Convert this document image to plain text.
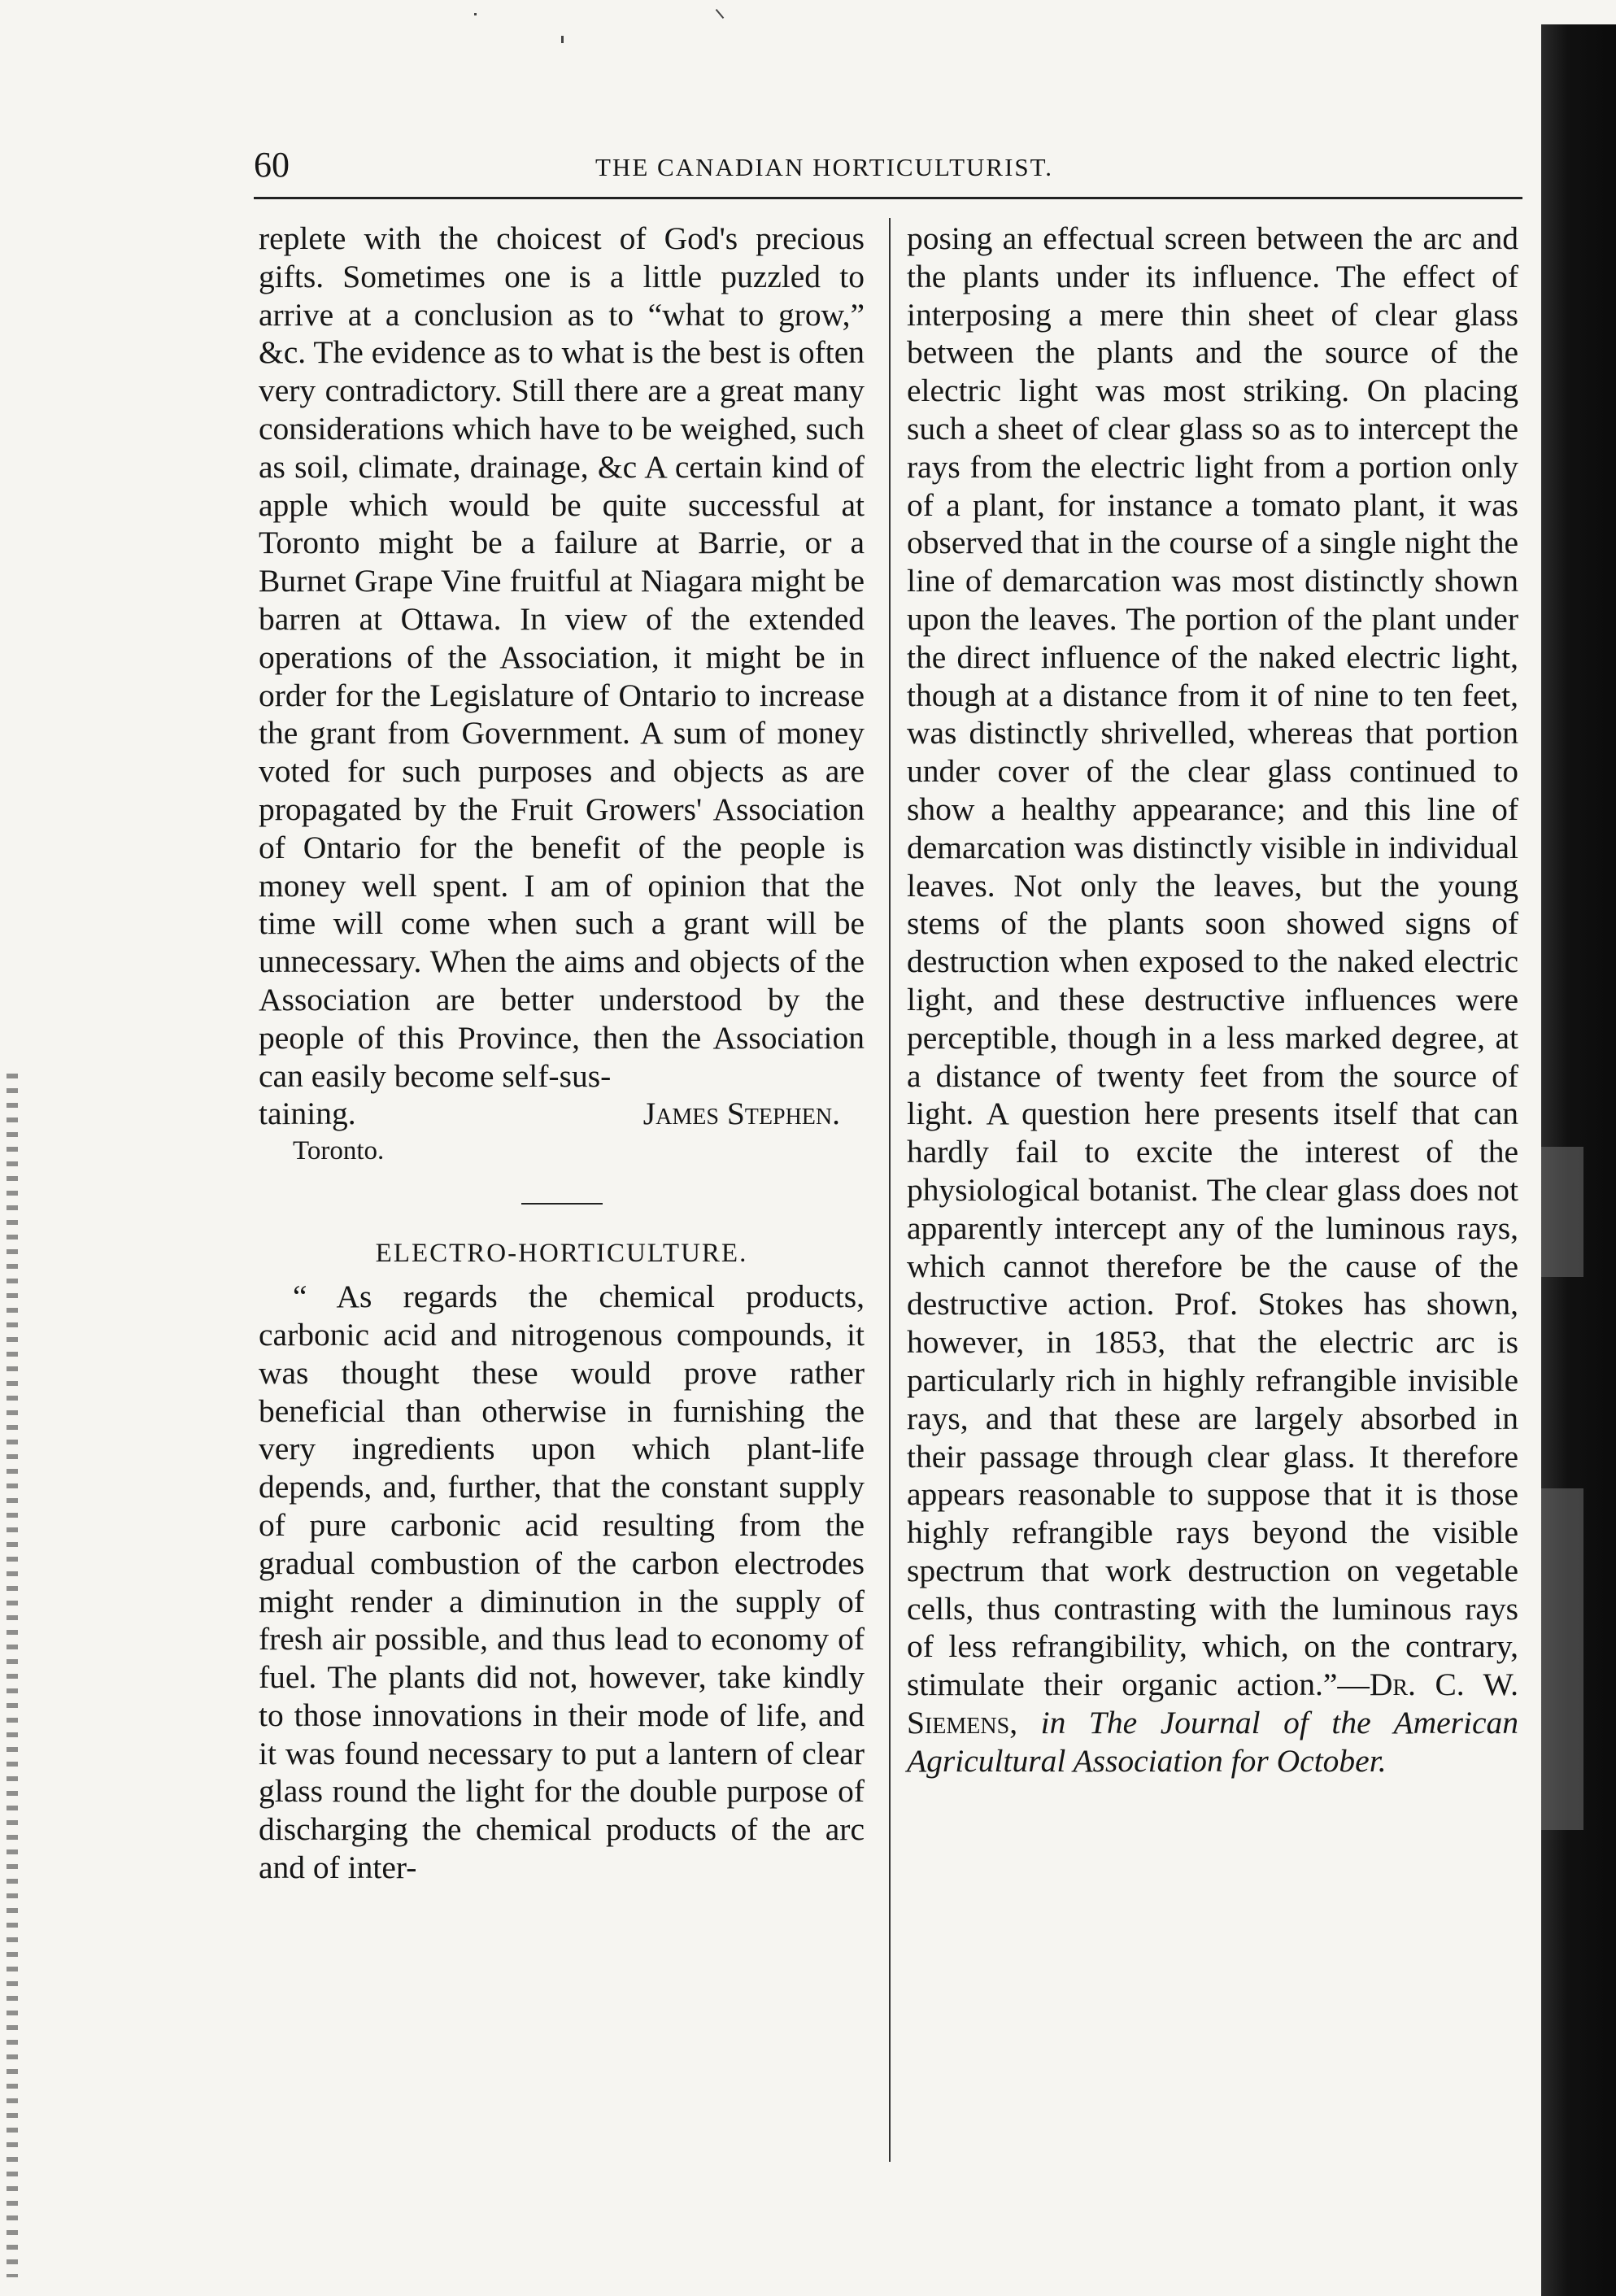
60	THE CANADIAN HORTICULTURIST.

replete with the choicest of God's precious gifts. Sometimes one is a little puzzled to arrive at a conclusion as to “what to grow,” &c. The evidence as to what is the best is often very contradictory. Still there are a great many considerations which have to be weighed, such as soil, climate, drainage, &c A certain kind of apple which would be quite successful at Toronto might be a failure at Barrie, or a Burnet Grape Vine fruitful at Niagara might be barren at Ottawa. In view of the extended operations of the Association, it might be in order for the Legislature of Ontario to increase the grant from Government. A sum of money voted for such purposes and objects as are propagated by the Fruit Growers' Association of Ontario for the benefit of the people is money well spent. I am of opinion that the time will come when such a grant will be unnecessary. When the aims and objects of the Association are better understood by the people of this Province, then the Association can easily become self-sus-

taining.	James Stephen.

Toronto.

ELECTRO-HORTICULTURE.

“ As regards the chemical products, carbonic acid and nitrogenous compounds, it was thought these would prove rather beneficial than otherwise in furnishing the very ingredients upon which plant-life depends, and, further, that the constant supply of pure carbonic acid resulting from the gradual combustion of the carbon electrodes might render a diminution in the supply of fresh air possible, and thus lead to economy of fuel. The plants did not, however, take kindly to those innovations in their mode of life, and it was found necessary to put a lantern of clear glass round the light for the double purpose of discharging the chemical products of the arc and of inter-

posing an effectual screen between the arc and the plants under its influence. The effect of interposing a mere thin sheet of clear glass between the plants and the source of the electric light was most striking. On placing such a sheet of clear glass so as to intercept the rays from the electric light from a portion only of a plant, for instance a tomato plant, it was observed that in the course of a single night the line of demarcation was most distinctly shown upon the leaves. The portion of the plant under the direct influence of the naked electric light, though at a distance from it of nine to ten feet, was distinctly shrivelled, whereas that portion under cover of the clear glass continued to show a healthy appearance; and this line of demarcation was distinctly visible in individual leaves. Not only the leaves, but the young stems of the plants soon showed signs of destruction when exposed to the naked electric light, and these destructive influences were perceptible, though in a less marked degree, at a distance of twenty feet from the source of light. A question here presents itself that can hardly fail to excite the interest of the physiological botanist. The clear glass does not apparently intercept any of the luminous rays, which cannot therefore be the cause of the destructive action. Prof. Stokes has shown, however, in 1853, that the electric arc is particularly rich in highly refrangible invisible rays, and that these are largely absorbed in their passage through clear glass. It therefore appears reasonable to suppose that it is those highly refrangible rays beyond the visible spectrum that work destruction on vegetable cells, thus contrasting with the luminous rays of less refrangibility, which, on the contrary, stimulate their organic action.”—Dr. C. W. Siemens, in The Journal of the American Agricultural Association for October.
